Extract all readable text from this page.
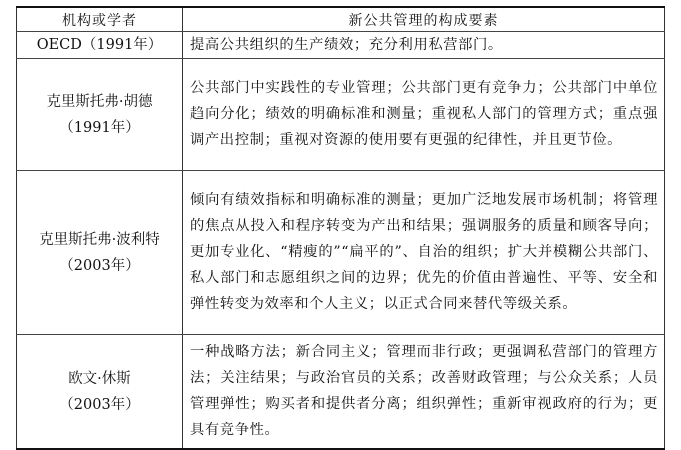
机构或学者	新公共管理的构成要素
OECD（1991年）	提高公共组织的生产绩效；充分利用私营部门。

克里斯托弗·胡德
（1991年）	公共部门中实践性的专业管理；公共部门更有竞争力；公共部门中单位趋向分化；绩效的明确标准和测量；重视私人部门的管理方式；重点强调产出控制；重视对资源的使用要有更强的纪律性，并且更节俭。

克里斯托弗·波利特
（2003年）	倾向有绩效指标和明确标准的测量；更加广泛地发展市场机制；将管理的焦点从投入和程序转变为产出和结果；强调服务的质量和顾客导向；更加专业化、“精瘦的”“扁平的”、自治的组织；扩大并模糊公共部门、私人部门和志愿组织之间的边界；优先的价值由普遍性、平等、安全和弹性转变为效率和个人主义；以正式合同来替代等级关系。

欧文·休斯
（2003年）	一种战略方法；新合同主义；管理而非行政；更强调私营部门的管理方法；关注结果；与政治官员的关系；改善财政管理；与公众关系；人员管理弹性；购买者和提供者分离；组织弹性；重新审视政府的行为；更具有竞争性。
